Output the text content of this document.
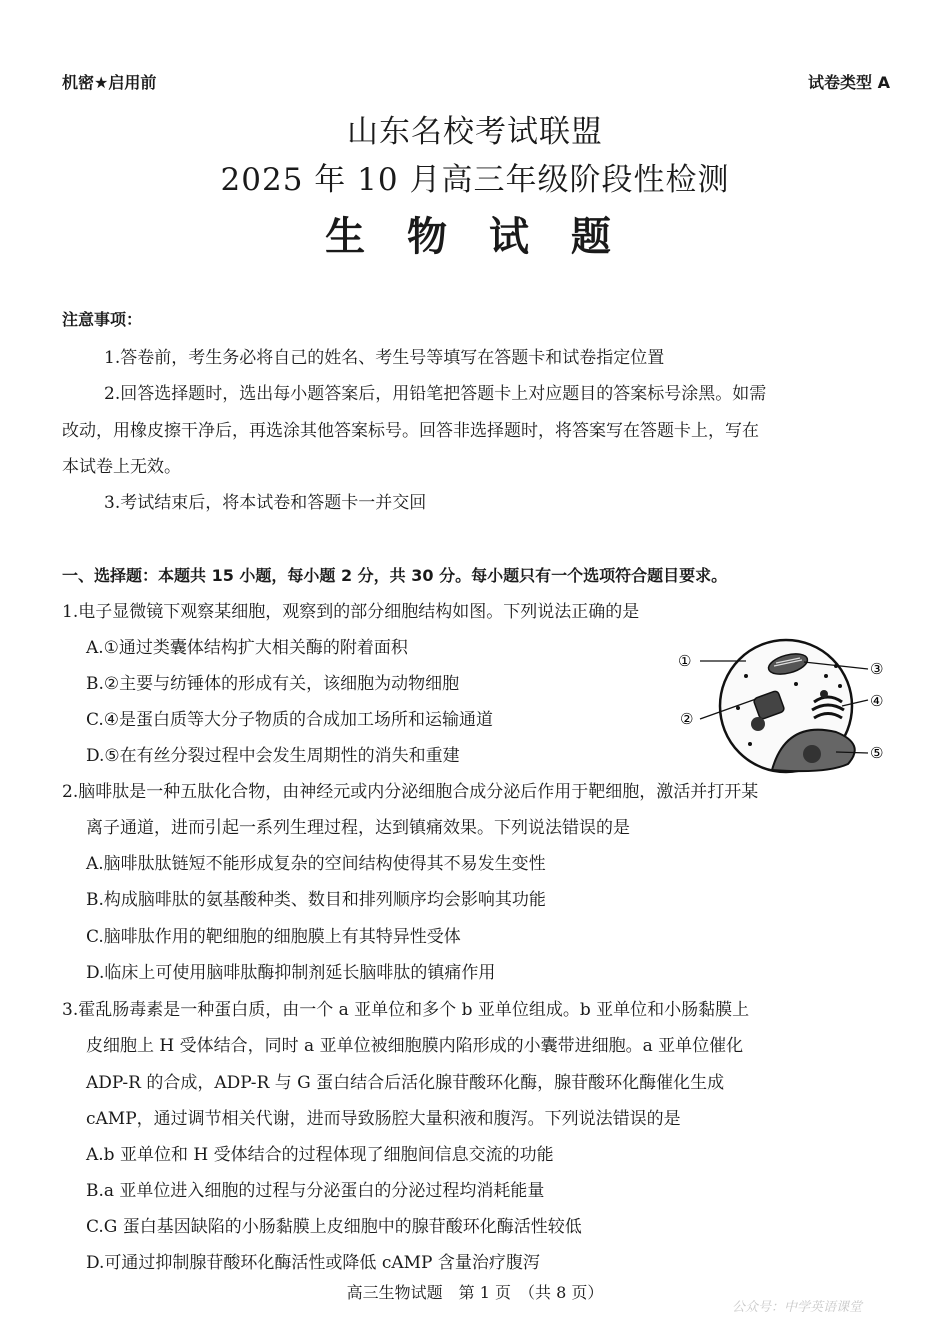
机密★启用前	试卷类型 A
山东名校考试联盟
2025 年 10 月高三年级阶段性检测
生 物 试 题
注意事项：
1.答卷前，考生务必将自己的姓名、考生号等填写在答题卡和试卷指定位置
2.回答选择题时，选出每小题答案后，用铅笔把答题卡上对应题目的答案标号涂黑。如需
改动，用橡皮擦干净后，再选涂其他答案标号。回答非选择题时，将答案写在答题卡上，写在
本试卷上无效。
3.考试结束后，将本试卷和答题卡一并交回
一、选择题：本题共 15 小题，每小题 2 分，共 30 分。每小题只有一个选项符合题目要求。
1.电子显微镜下观察某细胞，观察到的部分细胞结构如图。下列说法正确的是
A.①通过类囊体结构扩大相关酶的附着面积
B.②主要与纺锤体的形成有关，该细胞为动物细胞
C.④是蛋白质等大分子物质的合成加工场所和运输通道
D.⑤在有丝分裂过程中会发生周期性的消失和重建
①
②
③
④
⑤
2.脑啡肽是一种五肽化合物，由神经元或内分泌细胞合成分泌后作用于靶细胞，激活并打开某
离子通道，进而引起一系列生理过程，达到镇痛效果。下列说法错误的是
A.脑啡肽肽链短不能形成复杂的空间结构使得其不易发生变性
B.构成脑啡肽的氨基酸种类、数目和排列顺序均会影响其功能
C.脑啡肽作用的靶细胞的细胞膜上有其特异性受体
D.临床上可使用脑啡肽酶抑制剂延长脑啡肽的镇痛作用
3.霍乱肠毒素是一种蛋白质，由一个 a 亚单位和多个 b 亚单位组成。b 亚单位和小肠黏膜上
皮细胞上 H 受体结合，同时 a 亚单位被细胞膜内陷形成的小囊带进细胞。a 亚单位催化
ADP-R 的合成，ADP-R 与 G 蛋白结合后活化腺苷酸环化酶，腺苷酸环化酶催化生成
cAMP，通过调节相关代谢，进而导致肠腔大量积液和腹泻。下列说法错误的是
A.b 亚单位和 H 受体结合的过程体现了细胞间信息交流的功能
B.a 亚单位进入细胞的过程与分泌蛋白的分泌过程均消耗能量
C.G 蛋白基因缺陷的小肠黏膜上皮细胞中的腺苷酸环化酶活性较低
D.可通过抑制腺苷酸环化酶活性或降低 cAMP 含量治疗腹泻
高三生物试题　第 1 页　（共 8 页）
公众号：中学英语课堂
